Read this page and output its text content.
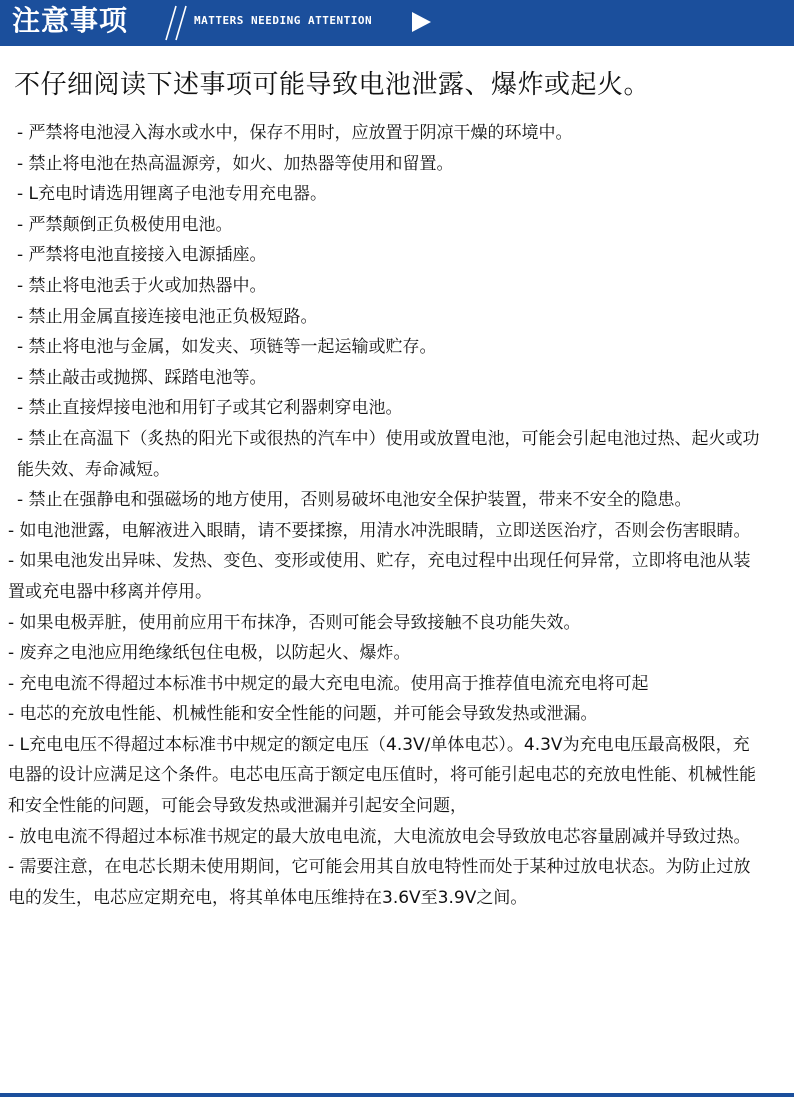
注意事项	MATTERS NEEDING ATTENTION
不仔细阅读下述事项可能导致电池泄露、爆炸或起火。

- 严禁将电池浸入海水或水中，保存不用时，应放置于阴凉干燥的环境中。

- 禁止将电池在热高温源旁，如火、加热器等使用和留置。

- L充电时请选用锂离子电池专用充电器。

- 严禁颠倒正负极使用电池。

- 严禁将电池直接接入电源插座。

- 禁止将电池丢于火或加热器中。

- 禁止用金属直接连接电池正负极短路。

- 禁止将电池与金属，如发夹、项链等一起运输或贮存。

- 禁止敲击或抛掷、踩踏电池等。

- 禁止直接焊接电池和用钉子或其它利器刺穿电池。

- 禁止在高温下（炙热的阳光下或很热的汽车中）使用或放置电池，可能会引起电池过热、起火或功能失效、寿命减短。

- 禁止在强静电和强磁场的地方使用，否则易破坏电池安全保护装置，带来不安全的隐患。

- 如电池泄露，电解液进入眼睛，请不要揉擦，用清水冲洗眼睛，立即送医治疗，否则会伤害眼睛。

- 如果电池发出异味、发热、变色、变形或使用、贮存，充电过程中出现任何异常，立即将电池从装置或充电器中移离并停用。

- 如果电极弄脏，使用前应用干布抹净，否则可能会导致接触不良功能失效。

- 废弃之电池应用绝缘纸包住电极，以防起火、爆炸。

- 充电电流不得超过本标准书中规定的最大充电电流。使用高于推荐值电流充电将可起

- 电芯的充放电性能、机械性能和安全性能的问题，并可能会导致发热或泄漏。

- L充电电压不得超过本标准书中规定的额定电压（4.3V/单体电芯）。4.3V为充电电压最高极限，充电器的设计应满足这个条件。电芯电压高于额定电压值时，将可能引起电芯的充放电性能、机械性能和安全性能的问题，可能会导致发热或泄漏并引起安全问题，

- 放电电流不得超过本标准书规定的最大放电电流，大电流放电会导致放电芯容量剧减并导致过热。

- 需要注意，在电芯长期未使用期间，它可能会用其自放电特性而处于某种过放电状态。为防止过放电的发生，电芯应定期充电，将其单体电压维持在3.6V至3.9V之间。
